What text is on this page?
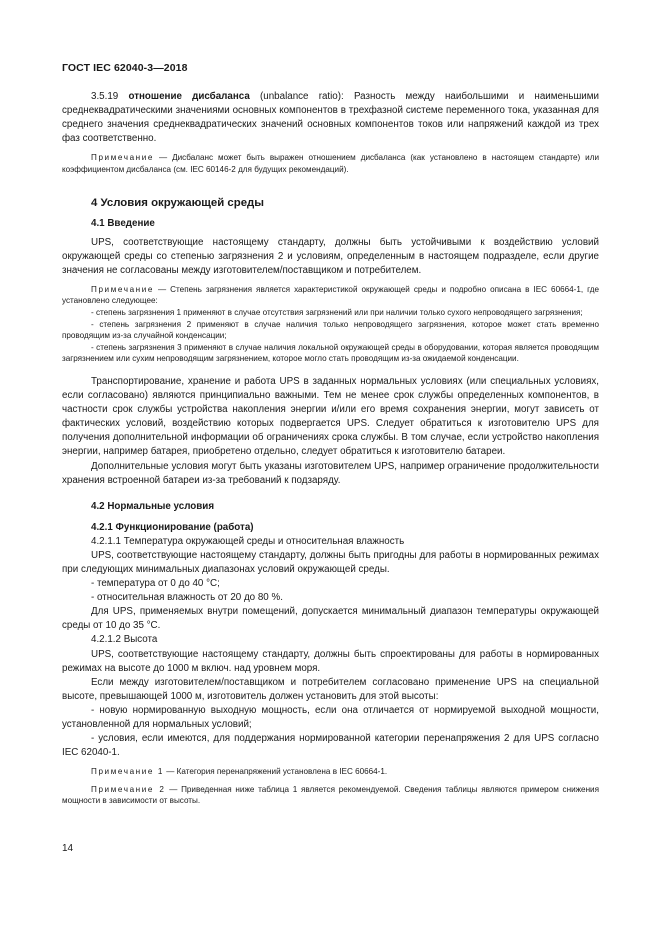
ГОСТ IEC 62040-3—2018

3.5.19 отношение дисбаланса (unbalance ratio): Разность между наибольшими и наименьшими среднеквадратическими значениями основных компонентов в трехфазной системе переменного тока, указанная для среднего значения среднеквадратических значений основных компонентов токов или напряжений каждой из трех фаз соответственно.

Примечание — Дисбаланс может быть выражен отношением дисбаланса (как установлено в настоящем стандарте) или коэффициентом дисбаланса (см. IEC 60146-2 для будущих рекомендаций).

4 Условия окружающей среды
4.1 Введение

UPS, соответствующие настоящему стандарту, должны быть устойчивыми к воздействию условий окружающей среды со степенью загрязнения 2 и условиям, определенным в настоящем подразделе, если другие значения не согласованы между изготовителем/поставщиком и потребителем.

Примечание — Степень загрязнения является характеристикой окружающей среды и подробно описана в IEC 60664-1, где установлено следующее:

- степень загрязнения 1 применяют в случае отсутствия загрязнений или при наличии только сухого непроводящего загрязнения;

- степень загрязнения 2 применяют в случае наличия только непроводящего загрязнения, которое может стать временно проводящим из-за случайной конденсации;

- степень загрязнения 3 применяют в случае наличия локальной окружающей среды в оборудовании, которая является проводящим загрязнением или сухим непроводящим загрязнением, которое могло стать проводящим из-за ожидаемой конденсации.

Транспортирование, хранение и работа UPS в заданных нормальных условиях (или специальных условиях, если согласовано) являются принципиально важными. Тем не менее срок службы определенных компонентов, в частности срок службы устройства накопления энергии и/или его время сохранения энергии, могут зависеть от фактических условий, воздействию которых подвергается UPS. Следует обратиться к изготовителю UPS для получения дополнительной информации об ограничениях срока службы. В том случае, если устройство накопления энергии, например батарея, приобретено отдельно, следует обратиться к изготовителю батареи.

Дополнительные условия могут быть указаны изготовителем UPS, например ограничение продолжительности хранения встроенной батареи из-за требований к подзаряду.

4.2 Нормальные условия
4.2.1 Функционирование (работа)

4.2.1.1 Температура окружающей среды и относительная влажность

UPS, соответствующие настоящему стандарту, должны быть пригодны для работы в нормированных режимах при следующих минимальных диапазонах условий окружающей среды.

- температура от 0 до 40 °C;

- относительная влажность от 20 до 80 %.

Для UPS, применяемых внутри помещений, допускается минимальный диапазон температуры окружающей среды от 10 до 35 °C.

4.2.1.2 Высота

UPS, соответствующие настоящему стандарту, должны быть спроектированы для работы в нормированных режимах на высоте до 1000 м включ. над уровнем моря.

Если между изготовителем/поставщиком и потребителем согласовано применение UPS на специальной высоте, превышающей 1000 м, изготовитель должен установить для этой высоты:

- новую нормированную выходную мощность, если она отличается от нормируемой выходной мощности, установленной для нормальных условий;

- условия, если имеются, для поддержания нормированной категории перенапряжения 2 для UPS согласно IEC 62040-1.

Примечание 1 — Категория перенапряжений установлена в IEC 60664-1.

Примечание 2 — Приведенная ниже таблица 1 является рекомендуемой. Сведения таблицы являются примером снижения мощности в зависимости от высоты.

14
